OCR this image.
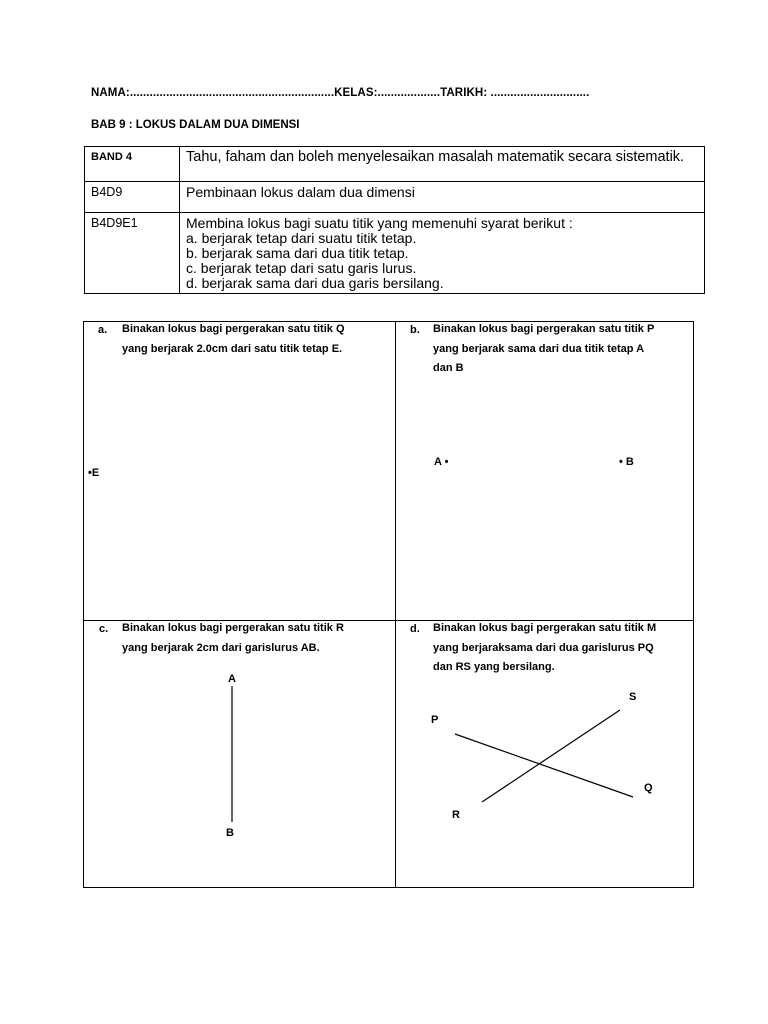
NAMA:..............................................................KELAS:...................TARIKH: ..............................
BAB 9 : LOKUS DALAM DUA DIMENSI
BAND 4	Tahu, faham dan boleh menyelesaikan masalah matematik secara sistematik.
B4D9	Pembinaan lokus dalam dua dimensi
B4D9E1	Membina lokus bagi suatu titik yang memenuhi syarat berikut :
a. berjarak tetap dari suatu titik tetap.
b. berjarak sama dari dua titik tetap.
c. berjarak tetap dari satu garis lurus.
d. berjarak sama dari dua garis bersilang.
a. Binakan lokus bagi pergerakan satu titik Q
yang berjarak 2.0cm dari satu titik tetap E.
•E
b. Binakan lokus bagi pergerakan satu titik P
yang berjarak sama dari dua titik tetap A
dan B
A •	• B
c. Binakan lokus bagi pergerakan satu titik R
yang berjarak 2cm dari garislurus AB.
A
B
d. Binakan lokus bagi pergerakan satu titik M
yang berjaraksama dari dua garislurus PQ
dan RS yang bersilang.
P
Q
R
S
